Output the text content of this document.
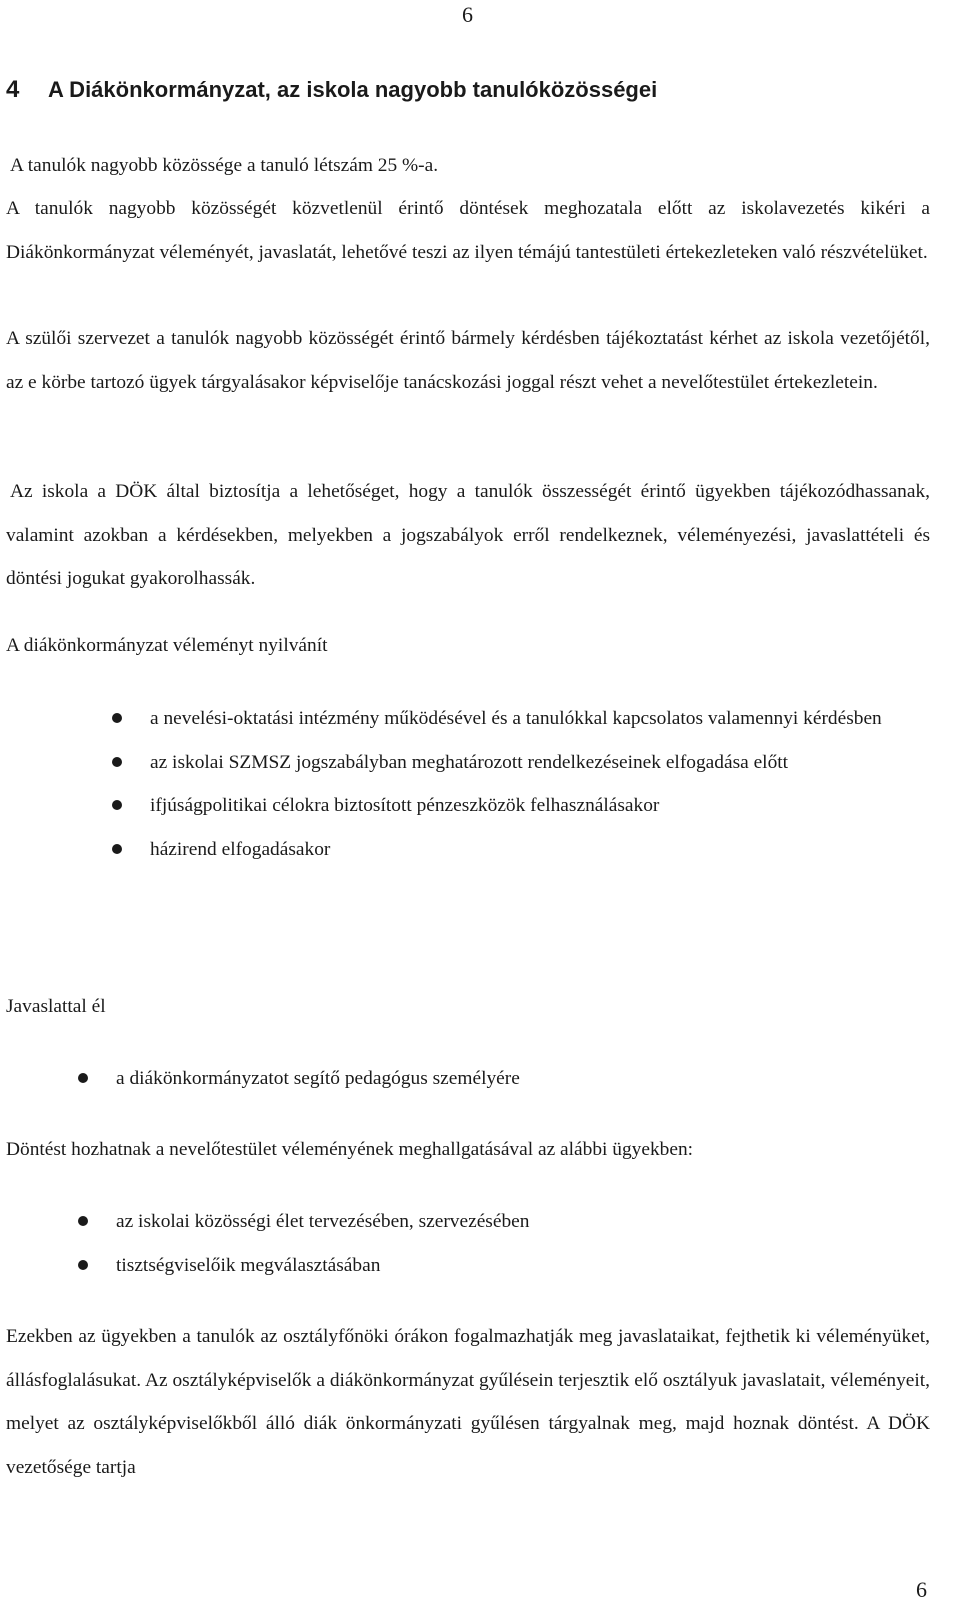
6
4 A Diákönkormányzat, az iskola nagyobb tanulóközösségei

A tanulók nagyobb közössége a tanuló létszám 25 %-a.

A tanulók nagyobb közösségét közvetlenül érintő döntések meghozatala előtt az iskolavezetés kikéri a Diákönkormányzat véleményét, javaslatát, lehetővé teszi az ilyen témájú tantestületi értekezleteken való részvételüket.

A szülői szervezet a tanulók nagyobb közösségét érintő bármely kérdésben tájékoztatást kérhet az iskola vezetőjétől, az e körbe tartozó ügyek tárgyalásakor képviselője tanácskozási joggal részt vehet a nevelőtestület értekezletein.

Az iskola a DÖK által biztosítja a lehetőséget, hogy a tanulók összességét érintő ügyekben tájékozódhassanak, valamint azokban a kérdésekben, melyekben a jogszabályok erről rendelkeznek, véleményezési, javaslattételi és döntési jogukat gyakorolhassák.

A diákönkormányzat véleményt nyilvánít

a nevelési-oktatási intézmény működésével és a tanulókkal kapcsolatos valamennyi kérdésben
az iskolai SZMSZ jogszabályban meghatározott rendelkezéseinek elfogadása előtt
ifjúságpolitikai célokra biztosított pénzeszközök felhasználásakor
házirend elfogadásakor

Javaslattal él

a diákönkormányzatot segítő pedagógus személyére

Döntést hozhatnak a nevelőtestület véleményének meghallgatásával az alábbi ügyekben:

az iskolai közösségi élet tervezésében, szervezésében
tisztségviselőik megválasztásában

Ezekben az ügyekben a tanulók az osztályfőnöki órákon fogalmazhatják meg javaslataikat, fejthetik ki véleményüket, állásfoglalásukat. Az osztályképviselők a diákönkormányzat gyűlésein terjesztik elő osztályuk javaslatait, véleményeit, melyet az osztályképviselőkből álló diák önkormányzati gyűlésen tárgyalnak meg, majd hoznak döntést. A DÖK vezetősége tartja

6
